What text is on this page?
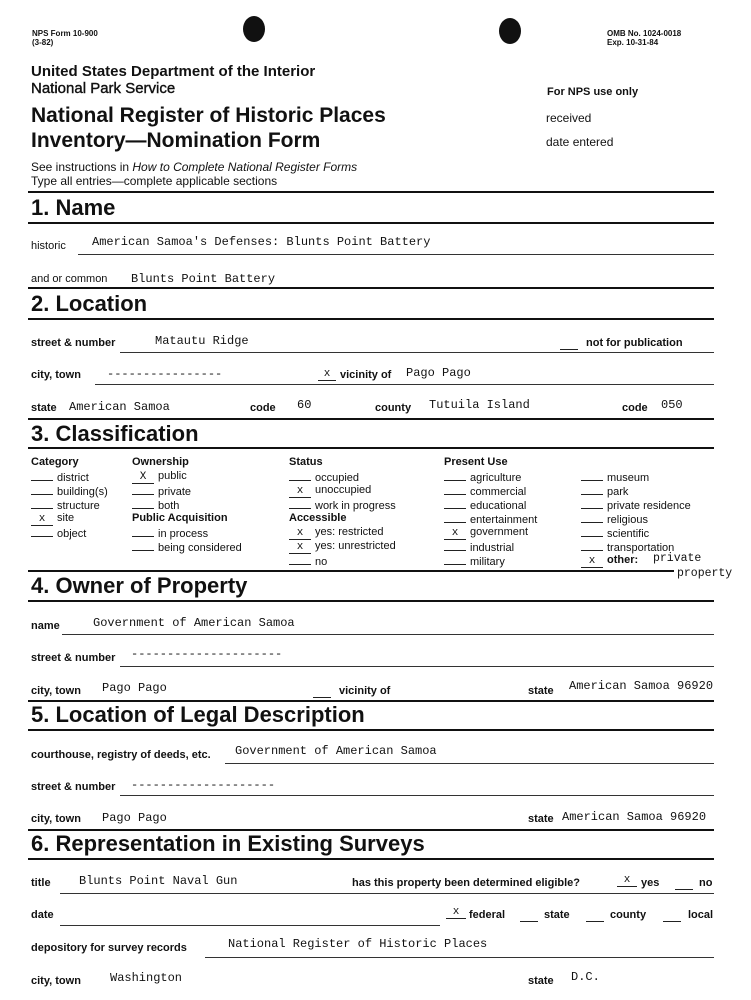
NPS Form 10-900
(3-82)
OMB No. 1024-0018
Exp. 10-31-84
United States Department of the Interior
National Park Service
National Register of Historic Places
Inventory—Nomination Form
See instructions in How to Complete National Register Forms
Type all entries—complete applicable sections
For NPS use only
received
date entered
1. Name
historic American Samoa's Defenses: Blunts Point Battery
and or common Blunts Point Battery
2. Location
street & number	Matautu Ridge	not for publication
city, town ----------------	x vicinity of Pago Pago
state American Samoa	code 60	county Tutuila Island	code 050
3. Classification
Category
district
building(s)
structure
x site
object
Ownership
X public
private
both
Public Acquisition
in process
being considered
Status
occupied
x unoccupied
work in progress
Accessible
x yes: restricted
x yes: unrestricted
no
Present Use
agriculture
commercial
educational
entertainment
x government
industrial
military
museum
park
private residence
religious
scientific
transportation
x other:	private
property
4. Owner of Property
name	Government of American Samoa
street & number ---------------------
city, town Pago Pago	vicinity of	state American Samoa 96920
5. Location of Legal Description
courthouse, registry of deeds, etc. Government of American Samoa
street & number --------------------
city, town Pago Pago	state American Samoa 96920
6. Representation in Existing Surveys
title Blunts Point Naval Gun	has this property been determined eligible?	x yes	no
date	x federal	state	county	local
depository for survey records	National Register of Historic Places
city, town Washington	state D.C.
